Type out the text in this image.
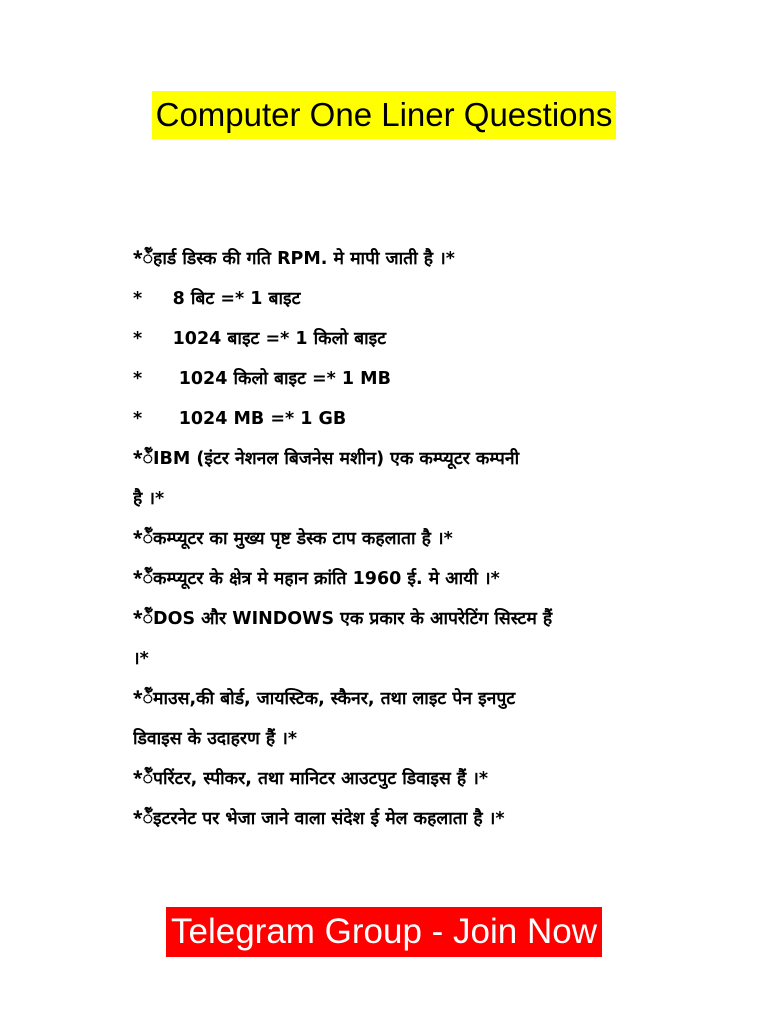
Computer One Liner Questions
*ँ̀̃हार्ड डिस्क की गति RPM. मे मापी जाती है ।*
*     8 बिट =* 1 बाइट
*     1024 बाइट =* 1 किलो बाइट
*      1024 किलो बाइट =* 1 MB
*      1024 MB =* 1 GB
*ँ̀̃IBM (इंटर नेशनल बिजनेस मशीन) एक कम्प्यूटर कम्पनी
है ।*
*ँ̀̃कम्प्यूटर का मुख्य पृष्ट डेस्क टाप कहलाता है ।*
*ँ̀̃कम्प्यूटर के क्षेत्र मे महान क्रांति 1960 ई. मे आयी ।*
*ँ̀̃DOS और WINDOWS एक प्रकार के आपरेटिंग सिस्टम हैं
।*
*ँ̀̃माउस,की बोर्ड, जायस्टिक, स्कैनर, तथा लाइट पेन इनपुट
डिवाइस के उदाहरण हैं ।*
*ँ̀̃परिंटर, स्पीकर, तथा मानिटर आउटपुट डिवाइस हैं ।*
*ँ̀̃इटरनेट पर भेजा जाने वाला संदेश ई मेल कहलाता है ।*
Telegram Group - Join Now
